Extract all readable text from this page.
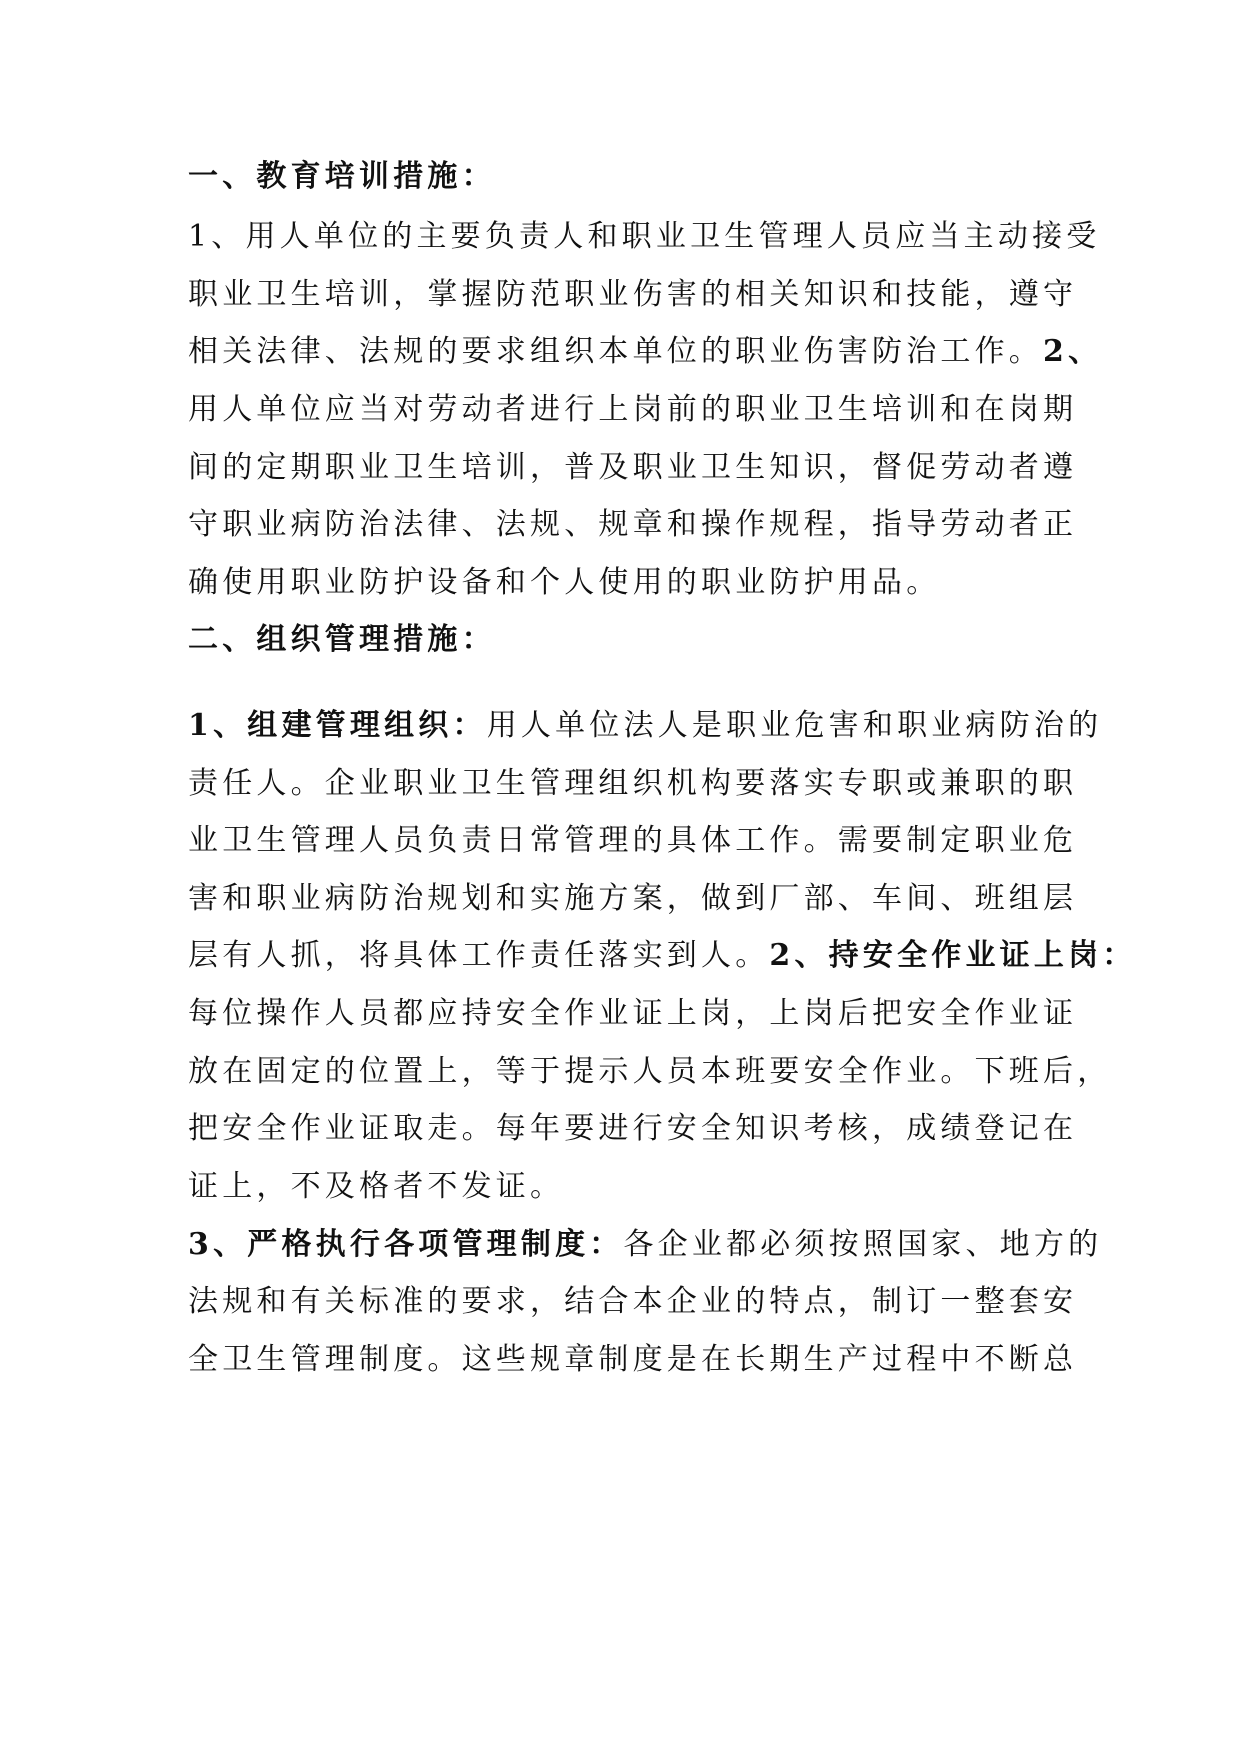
一、教育培训措施：
1、用人单位的主要负责人和职业卫生管理人员应当主动接受
职业卫生培训，掌握防范职业伤害的相关知识和技能，遵守
相关法律、法规的要求组织本单位的职业伤害防治工作。2、
用人单位应当对劳动者进行上岗前的职业卫生培训和在岗期
间的定期职业卫生培训，普及职业卫生知识，督促劳动者遵
守职业病防治法律、法规、规章和操作规程，指导劳动者正
确使用职业防护设备和个人使用的职业防护用品。
二、组织管理措施：
1、组建管理组织：用人单位法人是职业危害和职业病防治的
责任人。企业职业卫生管理组织机构要落实专职或兼职的职
业卫生管理人员负责日常管理的具体工作。需要制定职业危
害和职业病防治规划和实施方案，做到厂部、车间、班组层
层有人抓，将具体工作责任落实到人。2、持安全作业证上岗：
每位操作人员都应持安全作业证上岗，上岗后把安全作业证
放在固定的位置上，等于提示人员本班要安全作业。下班后，
把安全作业证取走。每年要进行安全知识考核，成绩登记在
证上，不及格者不发证。
3、严格执行各项管理制度：各企业都必须按照国家、地方的
法规和有关标准的要求，结合本企业的特点，制订一整套安
全卫生管理制度。这些规章制度是在长期生产过程中不断总
